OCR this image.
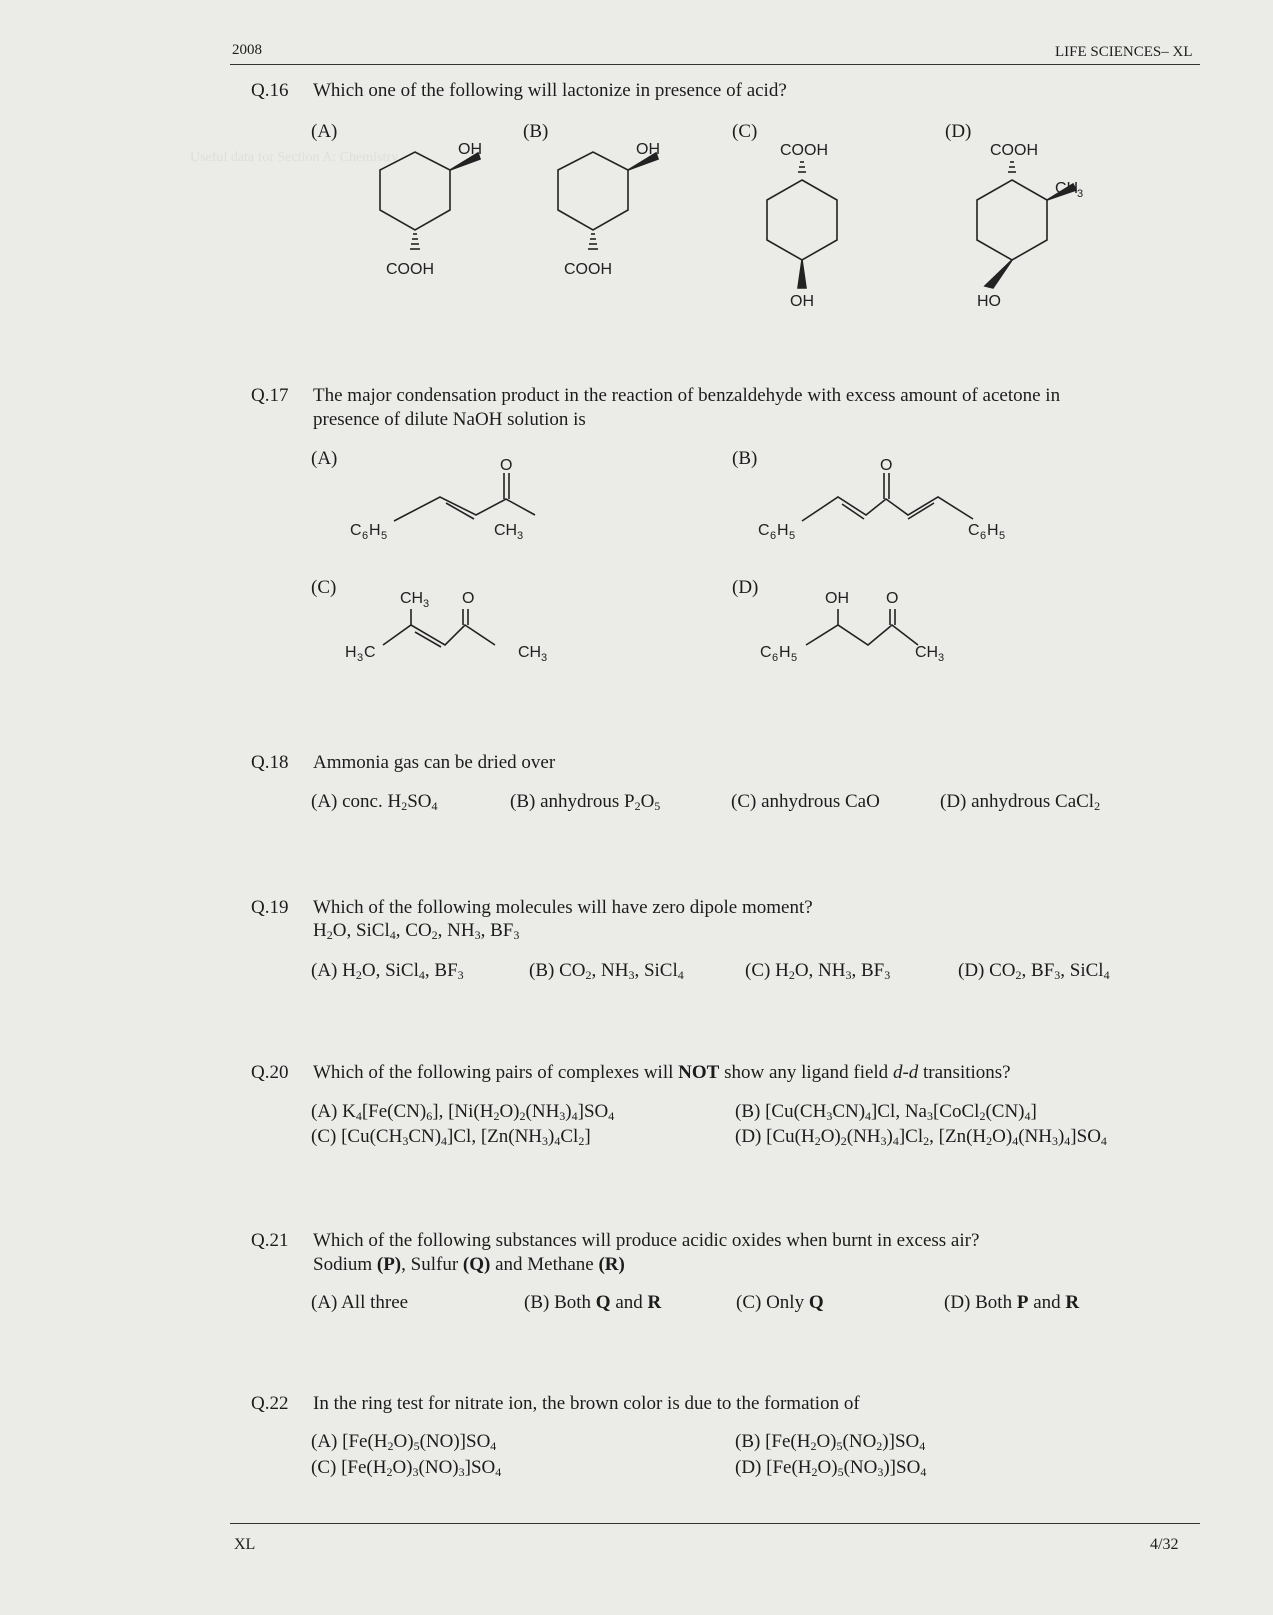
Useful data for Section A: Chemistry
2008	LIFE SCIENCES– XL
Q.16 Which one of the following will lactonize in presence of acid?
(A)	(B)	(C)	(D)
OH
COOH
OH
COOH
COOH
OH
COOH
CH
3
HO
Q.17 The major condensation product in the reaction of benzaldehyde with excess amount of acetone in
presence of dilute NaOH solution is
(A)	(B)
(C)	(D)
C 6 H 5
O
CH 3	C 6 H 5
O
C 6 H 5
CH 3 O
H 3 C	CH 3
OH O
C 6 H 5	CH 3
Q.18 Ammonia gas can be dried over
(A) conc. $H_2SO_4$	(B) anhydrous $P_2O_5$	(C) anhydrous CaO	(D) anhydrous CaCl$_2$
Q.19 Which of the following molecules will have zero dipole moment?
$H_2O$, SiCl$_4$, $CO_2$, $NH_3$, $BF_3$
(A) $H_2O$, SiCl$_4$, $BF_3$	(B) $CO_2$, $NH_3$, SiCl$_4$	(C) $H_2O$, $NH_3$, $BF_3$	(D) $CO_2$, $BF_3$, SiCl$_4$
Q.20 Which of the following pairs of complexes will NOT show any ligand field d-d transitions?
(A) $K_4[Fe(CN)_6]$, $[Ni(H_2O)_2(NH_3)_4]SO_4$	(B) $[Cu(CH_3CN)_4]Cl$, $Na_3[CoCl_2(CN)_4]$
(C) $[Cu(CH_3CN)_4]Cl$, $[Zn(NH_3)_4Cl_2]$	(D) $[Cu(H_2O)_2(NH_3)_4]Cl_2$, $[Zn(H_2O)_4(NH_3)_4]SO_4$
Q.21 Which of the following substances will produce acidic oxides when burnt in excess air?
Sodium (P), Sulfur (Q) and Methane (R)
(A) All three	(B) Both Q and R	(C) Only Q	(D) Both P and R
Q.22 In the ring test for nitrate ion, the brown color is due to the formation of
(A) $[Fe(H_2O)_5(NO)]SO_4$	(B) $[Fe(H_2O)_5(NO_2)]SO_4$
(C) $[Fe(H_2O)_3(NO)_3]SO_4$	(D) $[Fe(H_2O)_5(NO_3)]SO_4$
XL	4/32
